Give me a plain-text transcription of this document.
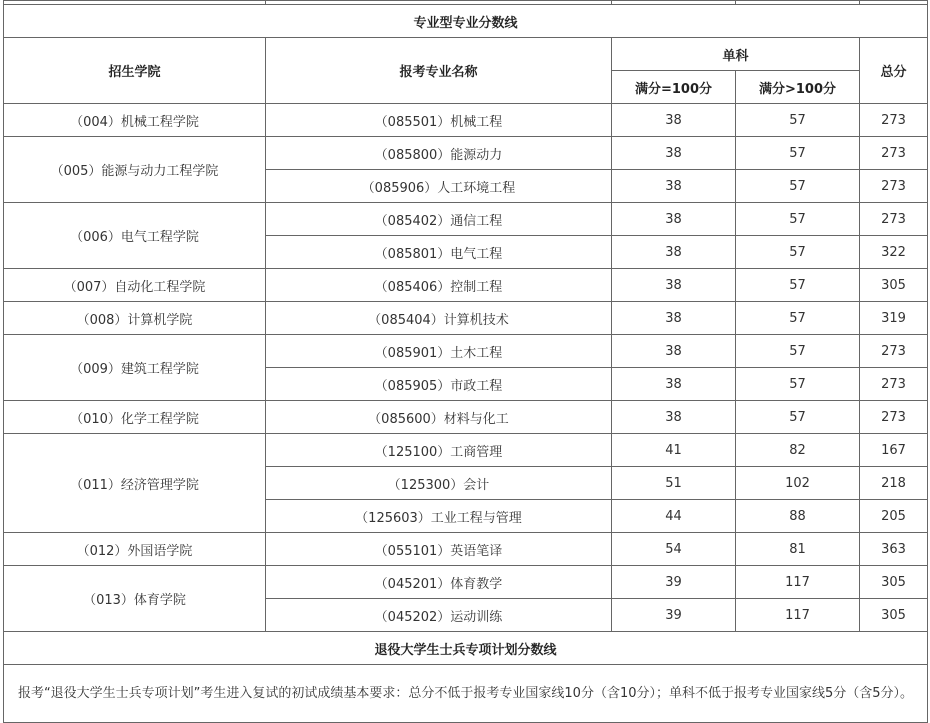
专业型专业分数线				
招生学院	报考专业名称	单科		总分
		满分=100分	满分>100分	
（004）机械工程学院	（085501）机械工程	38	57	273
（005）能源与动力工程学院	（085800）能源动力	38	57	273
	（085906）人工环境工程	38	57	273
（006）电气工程学院	（085402）通信工程	38	57	273
	（085801）电气工程	38	57	322
（007）自动化工程学院	（085406）控制工程	38	57	305
（008）计算机学院	（085404）计算机技术	38	57	319
（009）建筑工程学院	（085901）土木工程	38	57	273
	（085905）市政工程	38	57	273
（010）化学工程学院	（085600）材料与化工	38	57	273
（011）经济管理学院	（125100）工商管理	41	82	167
	（125300）会计	51	102	218
	（125603）工业工程与管理	44	88	205
（012）外国语学院	（055101）英语笔译	54	81	363
（013）体育学院	（045201）体育教学	39	117	305
	（045202）运动训练	39	117	305
退役大学生士兵专项计划分数线				
报考“退役大学生士兵专项计划”考生进入复试的初试成绩基本要求：总分不低于报考专业国家线10分（含10分）；单科不低于报考专业国家线5分（含5分）。				
